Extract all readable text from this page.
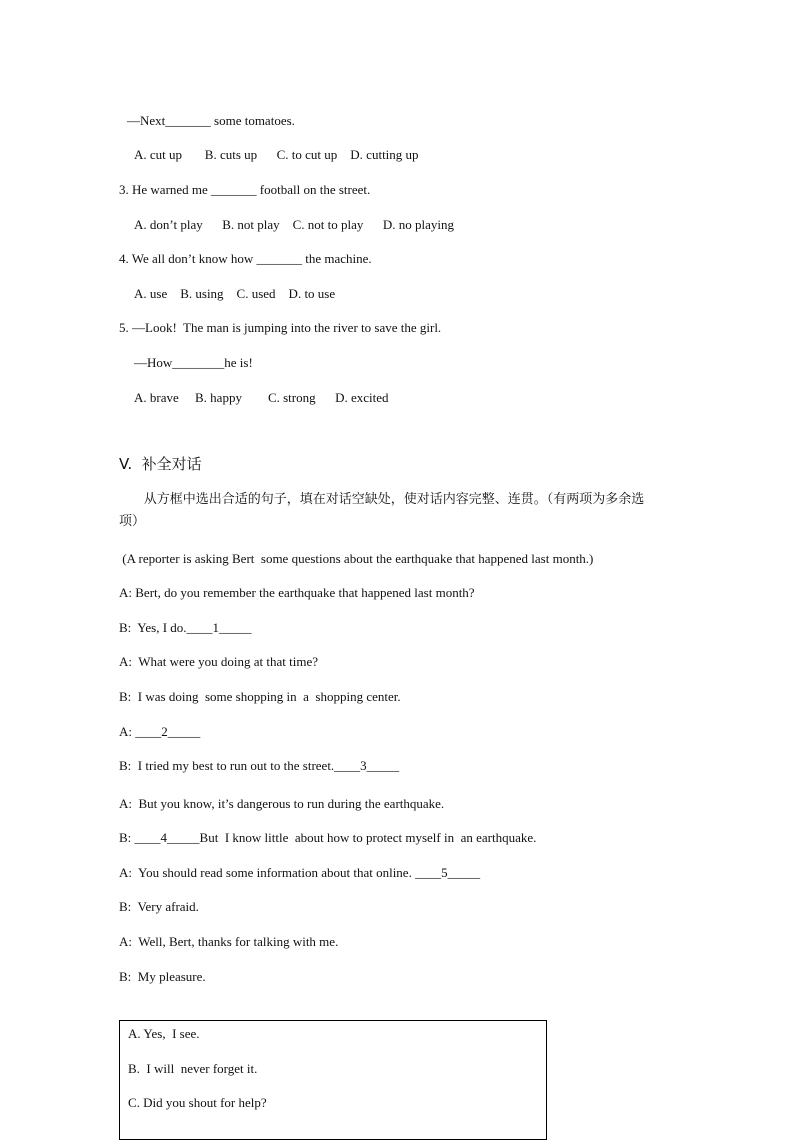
—Next_______ some tomatoes.
A. cut up       B. cuts up      C. to cut up    D. cutting up
3. He warned me _______ football on the street.
A. don’t play      B. not play    C. not to play      D. no playing
4. We all don’t know how _______ the machine.
A. use    B. using    C. used    D. to use
5. —Look!  The man is jumping into the river to save the girl.
—How________he is!
A. brave     B. happy        C. strong      D. excited
V.  补全对话
从方框中选出合适的句子，填在对话空缺处，使对话内容完整、连贯。（有两项为多余选
项）
(A reporter is asking Bert  some questions about the earthquake that happened last month.)
A: Bert, do you remember the earthquake that happened last month?
B:  Yes, I do.____1_____
A:  What were you doing at that time?
B:  I was doing  some shopping in  a  shopping center.
A: ____2_____
B:  I tried my best to run out to the street.____3_____
A:  But you know, it’s dangerous to run during the earthquake.
B: ____4_____But  I know little  about how to protect myself in  an earthquake.
A:  You should read some information about that online. ____5_____
B:  Very afraid.
A:  Well, Bert, thanks for talking with me.
B:  My pleasure.
A. Yes,  I see.
B.  I will  never forget it.
C. Did you shout for help?
